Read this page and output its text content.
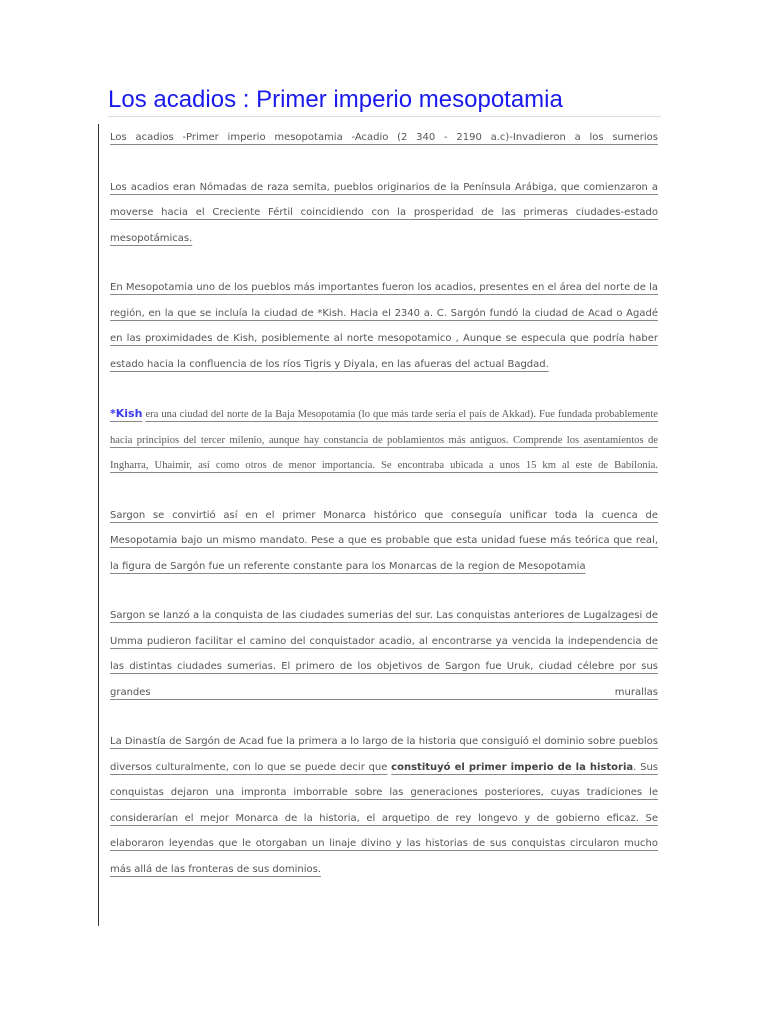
Los acadios : Primer imperio mesopotamia

Los acadios -Primer imperio mesopotamia -Acadio (2 340 - 2190 a.c)-Invadieron a los sumerios

Los acadios eran Nómadas de raza semita, pueblos originarios de la Península Arábiga, que comienzaron a moverse hacia el Creciente Fértil coincidiendo con la prosperidad de las primeras ciudades-estado mesopotámicas.

En Mesopotamia uno de los pueblos más importantes fueron los acadios, presentes en el área del norte de la región, en la que se incluía la ciudad de *Kish. Hacia el 2340 a. C. Sargón fundó la ciudad de Acad o Agadé en las proximidades de Kish, posiblemente al norte mesopotamico , Aunque se especula que podría haber estado hacia la confluencia de los ríos Tigris y Diyala, en las afueras del actual Bagdad.

*Kish era una ciudad del norte de la Baja Mesopotamia (lo que más tarde sería el país de Akkad). Fue fundada probablemente hacia principios del tercer milenio, aunque hay constancia de poblamientos más antiguos. Comprende los asentamientos de Ingharra, Uhaimir, así como otros de menor importancia. Se encontraba ubicada a unos 15 km al este de Babilonia.

Sargon se convirtió así en el primer Monarca histórico que conseguía unificar toda la cuenca de Mesopotamia bajo un mismo mandato. Pese a que es probable que esta unidad fuese más teórica que real, la figura de Sargón fue un referente constante para los Monarcas de la region de Mesopotamia

Sargon se lanzó a la conquista de las ciudades sumerias del sur. Las conquistas anteriores de Lugalzagesi de Umma pudieron facilitar el camino del conquistador acadio, al encontrarse ya vencida la independencia de las distintas ciudades sumerias. El primero de los objetivos de Sargon fue Uruk, ciudad célebre por sus grandes murallas

La Dinastía de Sargón de Acad fue la primera a lo largo de la historia que consiguió el dominio sobre pueblos diversos culturalmente, con lo que se puede decir que constituyó el primer imperio de la historia. Sus conquistas dejaron una impronta imborrable sobre las generaciones posteriores, cuyas tradiciones le considerarían el mejor Monarca de la historia, el arquetipo de rey longevo y de gobierno eficaz. Se elaboraron leyendas que le otorgaban un linaje divino y las historias de sus conquistas circularon mucho más allá de las fronteras de sus dominios.
